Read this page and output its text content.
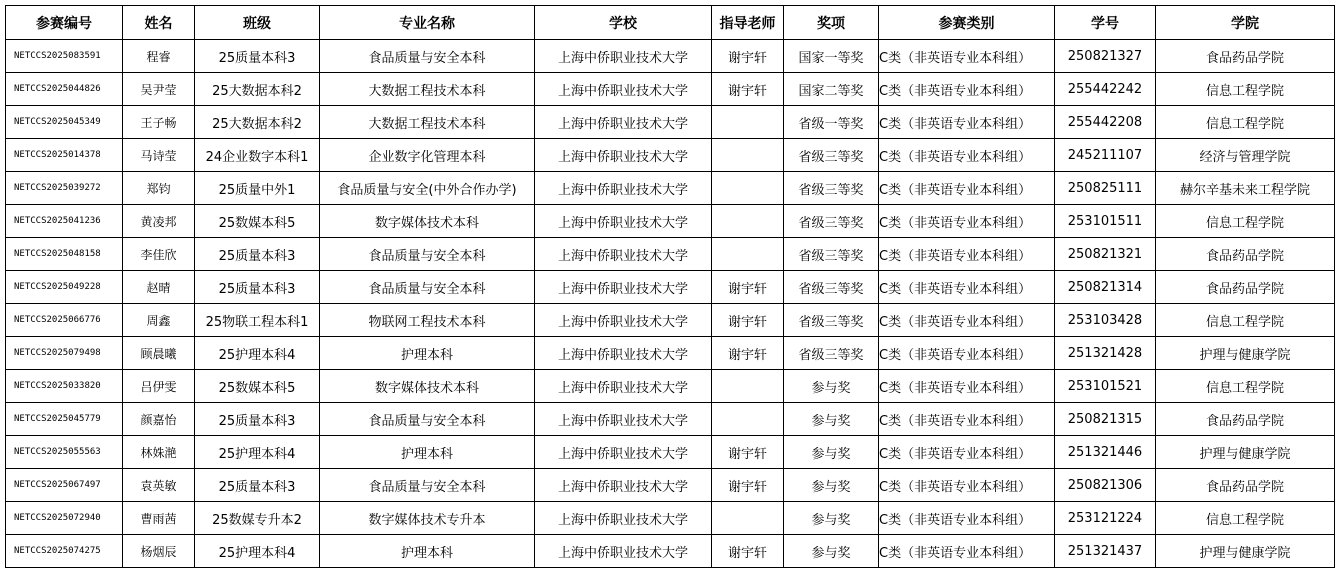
参赛编号	姓名	班级	专业名称	学校	指导老师	奖项	参赛类别	学号	学院
NETCCS2025083591	程睿	25质量本科3	食品质量与安全本科	上海中侨职业技术大学	谢宇轩	国家一等奖	C类（非英语专业本科组）	250821327	食品药品学院
NETCCS2025044826	吴尹莹	25大数据本科2	大数据工程技术本科	上海中侨职业技术大学	谢宇轩	国家二等奖	C类（非英语专业本科组）	255442242	信息工程学院
NETCCS2025045349	王子畅	25大数据本科2	大数据工程技术本科	上海中侨职业技术大学		省级一等奖	C类（非英语专业本科组）	255442208	信息工程学院
NETCCS2025014378	马诗莹	24企业数字本科1	企业数字化管理本科	上海中侨职业技术大学		省级三等奖	C类（非英语专业本科组）	245211107	经济与管理学院
NETCCS2025039272	郑钧	25质量中外1	食品质量与安全(中外合作办学)	上海中侨职业技术大学		省级三等奖	C类（非英语专业本科组）	250825111	赫尔辛基未来工程学院
NETCCS2025041236	黄凌邦	25数媒本科5	数字媒体技术本科	上海中侨职业技术大学		省级三等奖	C类（非英语专业本科组）	253101511	信息工程学院
NETCCS2025048158	李佳欣	25质量本科3	食品质量与安全本科	上海中侨职业技术大学		省级三等奖	C类（非英语专业本科组）	250821321	食品药品学院
NETCCS2025049228	赵晴	25质量本科3	食品质量与安全本科	上海中侨职业技术大学	谢宇轩	省级三等奖	C类（非英语专业本科组）	250821314	食品药品学院
NETCCS2025066776	周鑫	25物联工程本科1	物联网工程技术本科	上海中侨职业技术大学	谢宇轩	省级三等奖	C类（非英语专业本科组）	253103428	信息工程学院
NETCCS2025079498	顾晨曦	25护理本科4	护理本科	上海中侨职业技术大学	谢宇轩	省级三等奖	C类（非英语专业本科组）	251321428	护理与健康学院
NETCCS2025033820	吕伊雯	25数媒本科5	数字媒体技术本科	上海中侨职业技术大学		参与奖	C类（非英语专业本科组）	253101521	信息工程学院
NETCCS2025045779	颜嘉怡	25质量本科3	食品质量与安全本科	上海中侨职业技术大学		参与奖	C类（非英语专业本科组）	250821315	食品药品学院
NETCCS2025055563	林姝滟	25护理本科4	护理本科	上海中侨职业技术大学	谢宇轩	参与奖	C类（非英语专业本科组）	251321446	护理与健康学院
NETCCS2025067497	袁英敏	25质量本科3	食品质量与安全本科	上海中侨职业技术大学	谢宇轩	参与奖	C类（非英语专业本科组）	250821306	食品药品学院
NETCCS2025072940	曹雨茜	25数媒专升本2	数字媒体技术专升本	上海中侨职业技术大学		参与奖	C类（非英语专业本科组）	253121224	信息工程学院
NETCCS2025074275	杨烟辰	25护理本科4	护理本科	上海中侨职业技术大学	谢宇轩	参与奖	C类（非英语专业本科组）	251321437	护理与健康学院
